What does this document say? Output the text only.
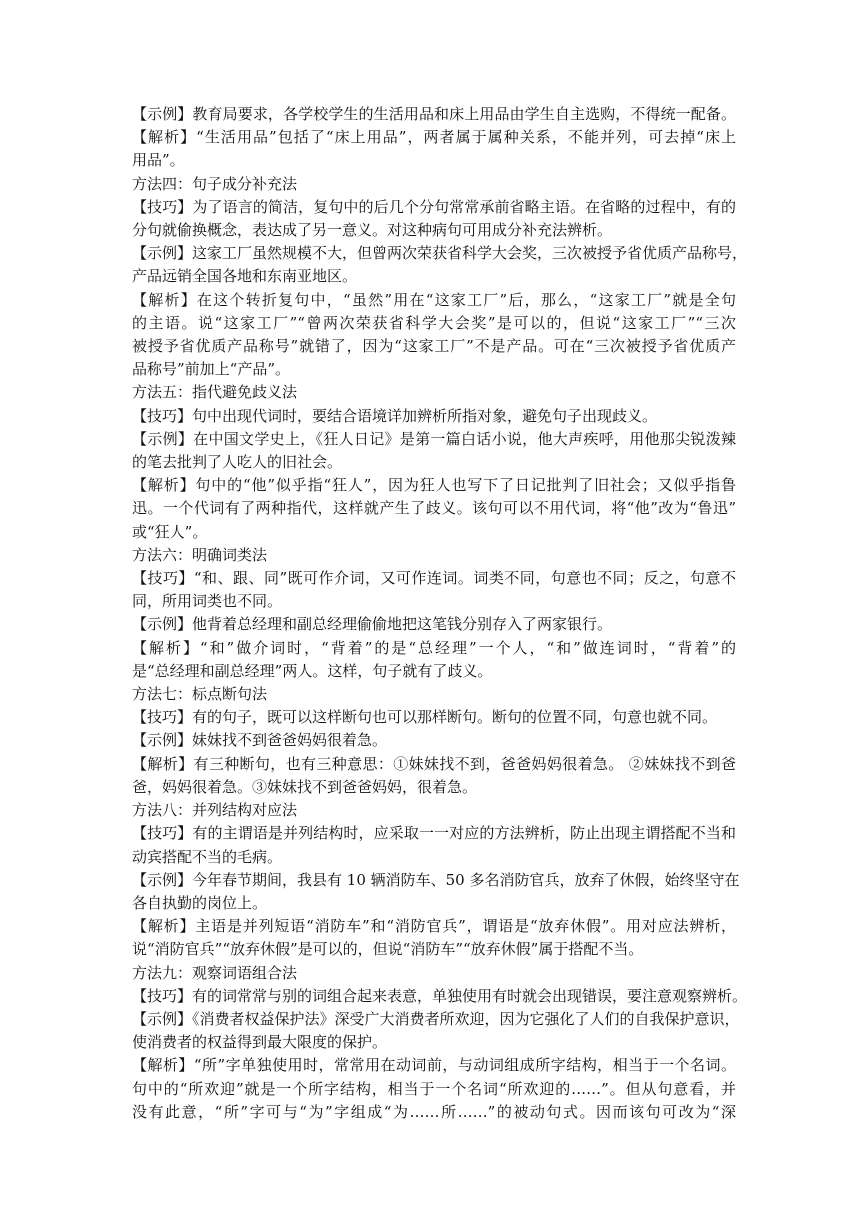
【示例】教育局要求，各学校学生的生活用品和床上用品由学生自主选购，不得统一配备。
【解析】“生活用品”包括了“床上用品”，两者属于属种关系，不能并列，可去掉“床上
用品”。
方法四：句子成分补充法
【技巧】为了语言的简洁，复句中的后几个分句常常承前省略主语。在省略的过程中，有的
分句就偷换概念，表达成了另一意义。对这种病句可用成分补充法辨析。
【示例】这家工厂虽然规模不大，但曾两次荣获省科学大会奖，三次被授予省优质产品称号，
产品远销全国各地和东南亚地区。
【解析】在这个转折复句中，“虽然”用在“这家工厂”后，那么，“这家工厂”就是全句
的主语。说“这家工厂”“曾两次荣获省科学大会奖”是可以的，但说“这家工厂”“三次
被授予省优质产品称号”就错了，因为“这家工厂”不是产品。可在“三次被授予省优质产
品称号”前加上“产品”。
方法五：指代避免歧义法
【技巧】句中出现代词时，要结合语境详加辨析所指对象，避免句子出现歧义。
【示例】在中国文学史上，《狂人日记》是第一篇白话小说，他大声疾呼，用他那尖锐泼辣
的笔去批判了人吃人的旧社会。
【解析】句中的“他”似乎指“狂人”，因为狂人也写下了日记批判了旧社会；又似乎指鲁
迅。一个代词有了两种指代，这样就产生了歧义。该句可以不用代词，将“他”改为“鲁迅”
或“狂人”。
方法六：明确词类法
【技巧】“和、跟、同”既可作介词，又可作连词。词类不同，句意也不同；反之，句意不
同，所用词类也不同。
【示例】他背着总经理和副总经理偷偷地把这笔钱分别存入了两家银行。
【解析】“和”做介词时，“背着”的是“总经理”一个人，“和”做连词时，“背着”的
是“总经理和副总经理”两人。这样，句子就有了歧义。
方法七：标点断句法
【技巧】有的句子，既可以这样断句也可以那样断句。断句的位置不同，句意也就不同。
【示例】妹妹找不到爸爸妈妈很着急。
【解析】有三种断句，也有三种意思：①妹妹找不到，爸爸妈妈很着急。 ②妹妹找不到爸
爸，妈妈很着急。③妹妹找不到爸爸妈妈，很着急。
方法八：并列结构对应法
【技巧】有的主谓语是并列结构时，应采取一一对应的方法辨析，防止出现主谓搭配不当和
动宾搭配不当的毛病。
【示例】今年春节期间，我县有 10 辆消防车、50 多名消防官兵，放弃了休假，始终坚守在
各自执勤的岗位上。
【解析】主语是并列短语“消防车”和“消防官兵”，谓语是“放弃休假”。用对应法辨析，
说“消防官兵”“放弃休假”是可以的，但说“消防车”“放弃休假”属于搭配不当。
方法九：观察词语组合法
【技巧】有的词常常与别的词组合起来表意，单独使用有时就会出现错误，要注意观察辨析。
【示例】《消费者权益保护法》深受广大消费者所欢迎，因为它强化了人们的自我保护意识，
使消费者的权益得到最大限度的保护。
【解析】“所”字单独使用时，常常用在动词前，与动词组成所字结构，相当于一个名词。
句中的“所欢迎”就是一个所字结构，相当于一个名词“所欢迎的……”。但从句意看，并
没有此意，“所”字可与“为”字组成“为……所……”的被动句式。因而该句可改为“深
